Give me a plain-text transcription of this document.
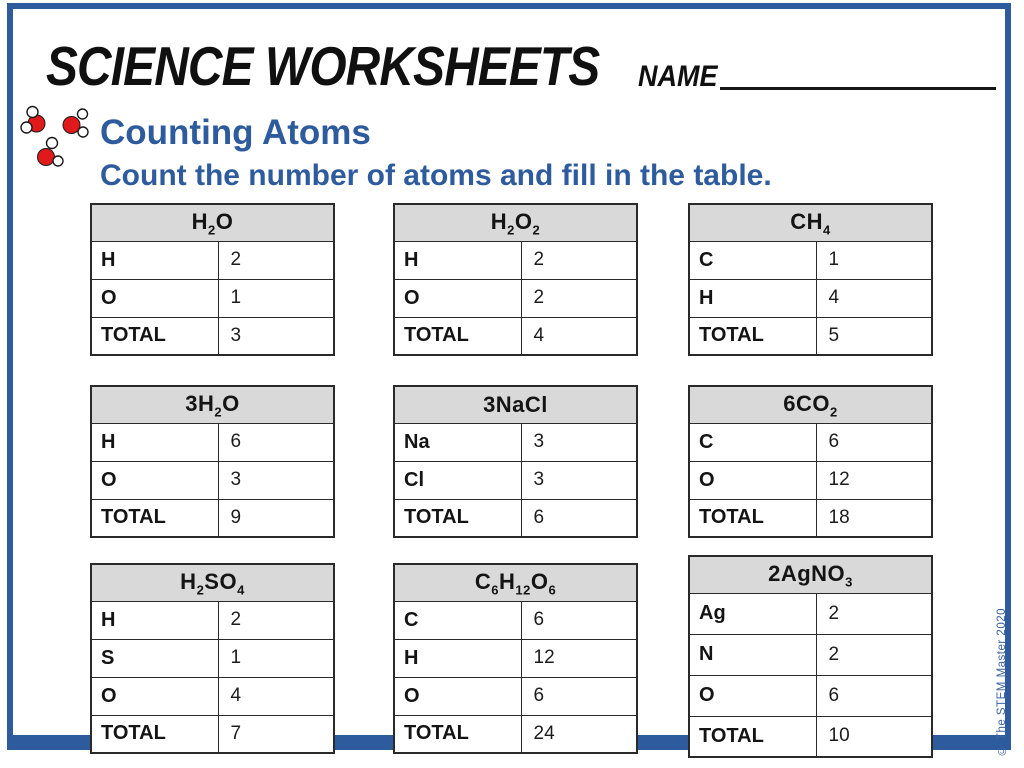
SCIENCE WORKSHEETS NAME
Counting Atoms
Count the number of atoms and fill in the table.
$H_2O$	
H	2
O	1
TOTAL	3
$H_2O_2$
H	2
O	2
TOTAL	4
$CH_4$
C	1
H	4
TOTAL	5
$3H_2O$	
H	6
O	3
TOTAL	9
3NaCl	
Na	3
Cl	3
TOTAL	6
$6CO_2$
C	6
O	12
TOTAL	18
$H_2SO_4$
H	2
S	1
O	4
TOTAL	7
$C_6H_{12}O_6$
C	6
H	12
O	6
TOTAL	24
2AgNO$_3$
Ag	2
N	2
O	6
TOTAL	10	© The STEM Master 2020
